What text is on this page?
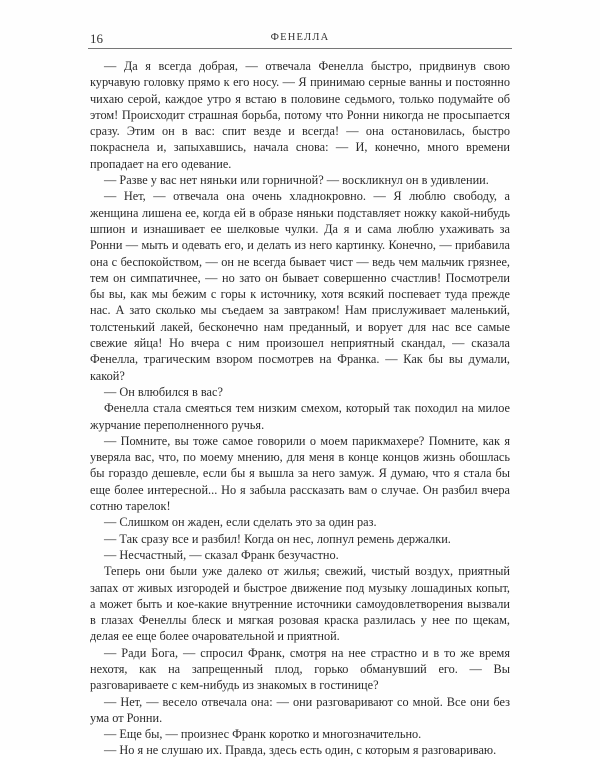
16	ФЕНЕЛЛА

— Да я всегда добрая, — отвечала Фенелла быстро, придвинув свою курчавую головку прямо к его носу. — Я принимаю серные ванны и постоянно чихаю серой, каждое утро я встаю в половине седьмого, только подумайте об этом! Происходит страшная борьба, потому что Ронни никогда не просыпается сразу. Этим он в вас: спит везде и всегда! — она остановилась, быстро покраснела и, запыхавшись, начала снова: — И, конечно, много времени пропадает на его одевание.

— Разве у вас нет няньки или горничной? — воскликнул он в удивлении.

— Нет, — отвечала она очень хладнокровно. — Я люблю свободу, а женщина лишена ее, когда ей в образе няньки подставляет ножку какой-нибудь шпион и изнашивает ее шелковые чулки. Да я и сама люблю ухаживать за Ронни — мыть и одевать его, и делать из него картинку. Конечно, — прибавила она с беспокойством, — он не всегда бывает чист — ведь чем мальчик грязнее, тем он симпатичнее, — но зато он бывает совершенно счастлив! Посмотрели бы вы, как мы бежим с горы к источнику, хотя всякий поспевает туда прежде нас. А зато сколько мы съедаем за завтраком! Нам прислуживает маленький, толстенький лакей, бесконечно нам преданный, и ворует для нас все самые свежие яйца! Но вчера с ним произошел неприятный скандал, — сказала Фенелла, трагическим взором посмотрев на Франка. — Как бы вы думали, какой?

— Он влюбился в вас?

Фенелла стала смеяться тем низким смехом, который так походил на милое журчание переполненного ручья.

— Помните, вы тоже самое говорили о моем парикмахере? Помните, как я уверяла вас, что, по моему мнению, для меня в конце концов жизнь обошлась бы гораздо дешевле, если бы я вышла за него замуж. Я думаю, что я стала бы еще более интересной... Но я забыла рассказать вам о случае. Он разбил вчера сотню тарелок!

— Слишком он жаден, если сделать это за один раз.

— Так сразу все и разбил! Когда он нес, лопнул ремень держалки.

— Несчастный, — сказал Франк безучастно.

Теперь они были уже далеко от жилья; свежий, чистый воздух, приятный запах от живых изгородей и быстрое движение под музыку лошадиных копыт, а может быть и кое-какие внутренние источники самоудовлетворения вызвали в глазах Фенеллы блеск и мягкая розовая краска разлилась у нее по щекам, делая ее еще более очаровательной и приятной.

— Ради Бога, — спросил Франк, смотря на нее страстно и в то же время нехотя, как на запрещенный плод, горько обманувший его. — Вы разговариваете с кем-нибудь из знакомых в гостинице?

— Нет, — весело отвечала она: — они разговаривают со мной. Все они без ума от Ронни.

— Еще бы, — произнес Франк коротко и многозначительно.

— Но я не слушаю их. Правда, здесь есть один, с которым я разговариваю.
